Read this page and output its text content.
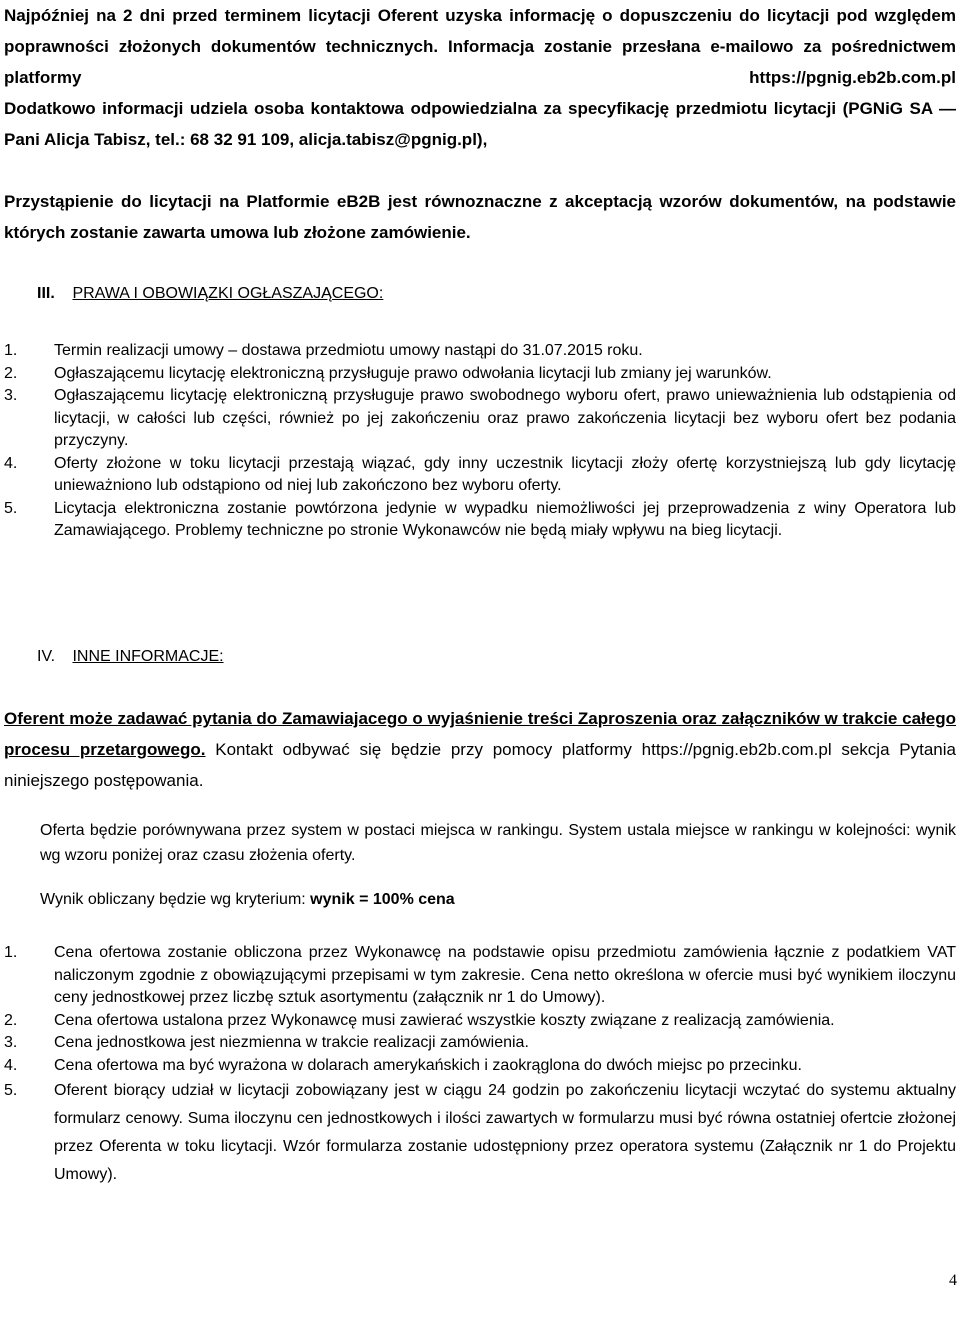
Najpóźniej na 2 dni przed terminem licytacji Oferent uzyska informację o dopuszczeniu do licytacji pod względem poprawności złożonych dokumentów technicznych. Informacja zostanie przesłana e-mailowo za pośrednictwem platformy https://pgnig.eb2b.com.pl

Dodatkowo informacji udziela osoba kontaktowa odpowiedzialna za specyfikację przedmiotu licytacji (PGNiG SA — Pani Alicja Tabisz, tel.: 68 32 91 109, alicja.tabisz@pgnig.pl),

Przystąpienie do licytacji na Platformie eB2B jest równoznaczne z akceptacją wzorów dokumentów, na podstawie których zostanie zawarta umowa lub złożone zamówienie.

III. PRAWA I OBOWIĄZKI OGŁASZAJĄCEGO:
1. Termin realizacji umowy – dostawa przedmiotu umowy nastąpi do 31.07.2015 roku.
2. Ogłaszającemu licytację elektroniczną przysługuje prawo odwołania licytacji lub zmiany jej warunków.
3. Ogłaszającemu licytację elektroniczną przysługuje prawo swobodnego wyboru ofert, prawo unieważnienia lub odstąpienia od licytacji, w całości lub części, również po jej zakończeniu oraz prawo zakończenia licytacji bez wyboru ofert bez podania przyczyny.
4. Oferty złożone w toku licytacji przestają wiązać, gdy inny uczestnik licytacji złoży ofertę korzystniejszą lub gdy licytację unieważniono lub odstąpiono od niej lub zakończono bez wyboru oferty.
5. Licytacja elektroniczna zostanie powtórzona jedynie w wypadku niemożliwości jej przeprowadzenia z winy Operatora lub Zamawiającego. Problemy techniczne po stronie Wykonawców nie będą miały wpływu na bieg licytacji.
IV. INNE INFORMACJE:

Oferent może zadawać pytania do Zamawiajacego o wyjaśnienie treści Zaproszenia oraz załączników w trakcie całego procesu przetargowego. Kontakt odbywać się będzie przy pomocy platformy https://pgnig.eb2b.com.pl sekcja Pytania niniejszego postępowania.

Oferta będzie porównywana przez system w postaci miejsca w rankingu. System ustala miejsce w rankingu w kolejności: wynik wg wzoru poniżej oraz czasu złożenia oferty.

Wynik obliczany będzie wg kryterium: wynik = 100% cena
1. Cena ofertowa zostanie obliczona przez Wykonawcę na podstawie opisu przedmiotu zamówienia łącznie z podatkiem VAT naliczonym zgodnie z obowiązującymi przepisami w tym zakresie. Cena netto określona w ofercie musi być wynikiem iloczynu ceny jednostkowej przez liczbę sztuk asortymentu (załącznik nr 1 do Umowy).
2. Cena ofertowa ustalona przez Wykonawcę musi zawierać wszystkie koszty związane z realizacją zamówienia.
3. Cena jednostkowa jest niezmienna w trakcie realizacji zamówienia.
4. Cena ofertowa ma być wyrażona w dolarach amerykańskich i zaokrąglona do dwóch miejsc po przecinku.
5. Oferent biorący udział w licytacji zobowiązany jest w ciągu 24 godzin po zakończeniu licytacji wczytać do systemu aktualny formularz cenowy. Suma iloczynu cen jednostkowych i ilości zawartych w formularzu musi być równa ostatniej ofertcie złożonej przez Oferenta w toku licytacji. Wzór formularza zostanie udostępniony przez operatora systemu (Załącznik nr 1 do Projektu Umowy).
4
